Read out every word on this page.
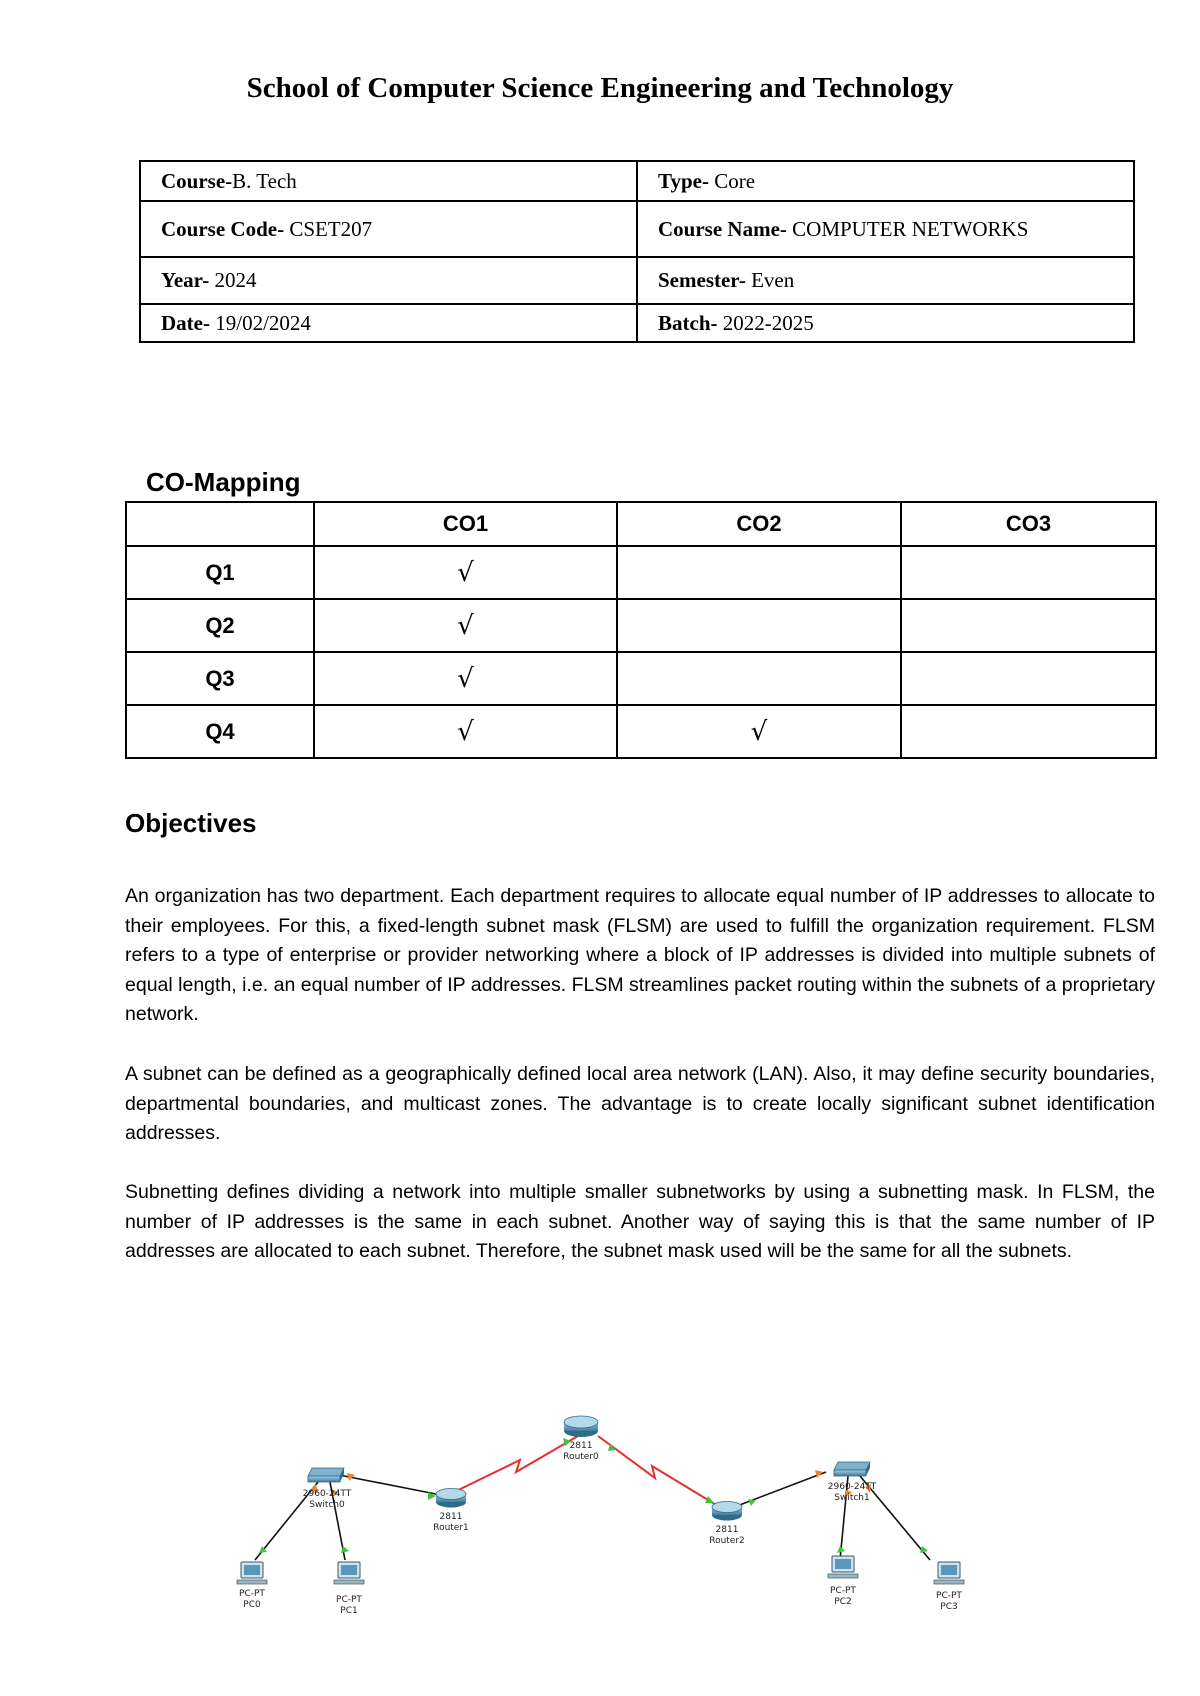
School of Computer Science Engineering and Technology
Course-B. Tech	Type- Core
Course Code- CSET207	Course Name- COMPUTER NETWORKS
Year- 2024	Semester- Even
Date- 19/02/2024	Batch- 2022-2025
CO-Mapping
	CO1	CO2	CO3
Q1	√		
Q2	√		
Q3	√		
Q4	√	√	
Objectives

An organization has two department. Each department requires to allocate equal number of IP addresses to allocate to their employees. For this, a fixed-length subnet mask (FLSM) are used to fulfill the organization requirement. FLSM refers to a type of enterprise or provider networking where a block of IP addresses is divided into multiple subnets of equal length, i.e. an equal number of IP addresses. FLSM streamlines packet routing within the subnets of a proprietary network.

A subnet can be defined as a geographically defined local area network (LAN). Also, it may define security boundaries, departmental boundaries, and multicast zones. The advantage is to create locally significant subnet identification addresses.

Subnetting defines dividing a network into multiple smaller subnetworks by using a subnetting mask. In FLSM, the number of IP addresses is the same in each subnet. Another way of saying this is that the same number of IP addresses are allocated to each subnet. Therefore, the subnet mask used will be the same for all the subnets.

2811
Router0
2811
Router1	2811
Router2
2960-24TT
Switch0
2960-24TT
Switch1
PC-PT
PC0	PC-PT
PC1
PC-PT
PC2
PC-PT
PC3
